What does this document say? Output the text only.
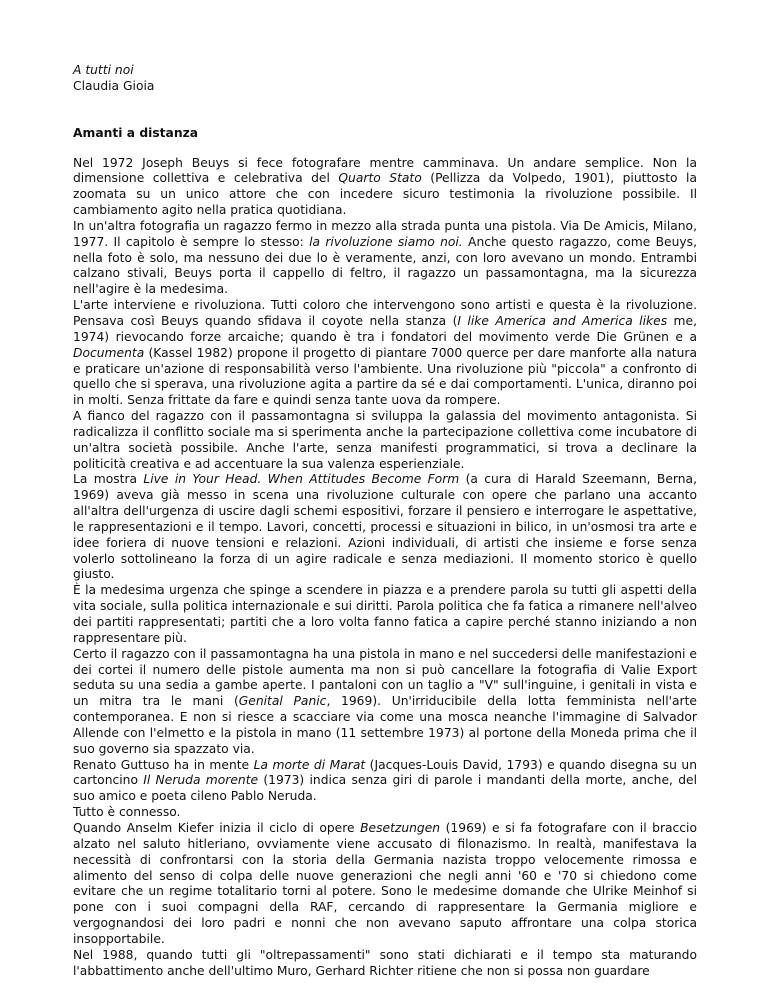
A tutti noi
Claudia Gioia
Amanti a distanza

Nel 1972 Joseph Beuys si fece fotografare mentre camminava. Un andare semplice. Non la dimensione collettiva e celebrativa del Quarto Stato (Pellizza da Volpedo, 1901), piuttosto la zoomata su un unico attore che con incedere sicuro testimonia la rivoluzione possibile. Il cambiamento agito nella pratica quotidiana.

In un'altra fotografia un ragazzo fermo in mezzo alla strada punta una pistola. Via De Amicis, Milano, 1977. Il capitolo è sempre lo stesso: la rivoluzione siamo noi. Anche questo ragazzo, come Beuys, nella foto è solo, ma nessuno dei due lo è veramente, anzi, con loro avevano un mondo. Entrambi calzano stivali, Beuys porta il cappello di feltro, il ragazzo un passamontagna, ma la sicurezza nell'agire è la medesima.

L'arte interviene e rivoluziona. Tutti coloro che intervengono sono artisti e questa è la rivoluzione. Pensava così Beuys quando sfidava il coyote nella stanza (I like America and America likes me, 1974) rievocando forze arcaiche; quando è tra i fondatori del movimento verde Die Grünen e a Documenta (Kassel 1982) propone il progetto di piantare 7000 querce per dare manforte alla natura e praticare un'azione di responsabilità verso l'ambiente. Una rivoluzione più "piccola" a confronto di quello che si sperava, una rivoluzione agita a partire da sé e dai comportamenti. L'unica, diranno poi in molti. Senza frittate da fare e quindi senza tante uova da rompere.

A fianco del ragazzo con il passamontagna si sviluppa la galassia del movimento antagonista. Si radicalizza il conflitto sociale ma si sperimenta anche la partecipazione collettiva come incubatore di un'altra società possibile. Anche l'arte, senza manifesti programmatici, si trova a declinare la politicità creativa e ad accentuare la sua valenza esperienziale.

La mostra Live in Your Head. When Attitudes Become Form (a cura di Harald Szeemann, Berna, 1969) aveva già messo in scena una rivoluzione culturale con opere che parlano una accanto all'altra dell'urgenza di uscire dagli schemi espositivi, forzare il pensiero e interrogare le aspettative, le rappresentazioni e il tempo. Lavori, concetti, processi e situazioni in bilico, in un'osmosi tra arte e idee foriera di nuove tensioni e relazioni. Azioni individuali, di artisti che insieme e forse senza volerlo sottolineano la forza di un agire radicale e senza mediazioni. Il momento storico è quello giusto.

È la medesima urgenza che spinge a scendere in piazza e a prendere parola su tutti gli aspetti della vita sociale, sulla politica internazionale e sui diritti. Parola politica che fa fatica a rimanere nell'alveo dei partiti rappresentati; partiti che a loro volta fanno fatica a capire perché stanno iniziando a non rappresentare più.

Certo il ragazzo con il passamontagna ha una pistola in mano e nel succedersi delle manifestazioni e dei cortei il numero delle pistole aumenta ma non si può cancellare la fotografia di Valie Export seduta su una sedia a gambe aperte. I pantaloni con un taglio a "V" sull'inguine, i genitali in vista e un mitra tra le mani (Genital Panic, 1969). Un'irriducibile della lotta femminista nell'arte contemporanea. E non si riesce a scacciare via come una mosca neanche l'immagine di Salvador Allende con l'elmetto e la pistola in mano (11 settembre 1973) al portone della Moneda prima che il suo governo sia spazzato via.

Renato Guttuso ha in mente La morte di Marat (Jacques-Louis David, 1793) e quando disegna su un cartoncino Il Neruda morente (1973) indica senza giri di parole i mandanti della morte, anche, del suo amico e poeta cileno Pablo Neruda.

Tutto è connesso.

Quando Anselm Kiefer inizia il ciclo di opere Besetzungen (1969) e si fa fotografare con il braccio alzato nel saluto hitleriano, ovviamente viene accusato di filonazismo. In realtà, manifestava la necessità di confrontarsi con la storia della Germania nazista troppo velocemente rimossa e alimento del senso di colpa delle nuove generazioni che negli anni '60 e '70 si chiedono come evitare che un regime totalitario torni al potere. Sono le medesime domande che Ulrike Meinhof si pone con i suoi compagni della RAF, cercando di rappresentare la Germania migliore e vergognandosi dei loro padri e nonni che non avevano saputo affrontare una colpa storica insopportabile.

Nel 1988, quando tutti gli "oltrepassamenti" sono stati dichiarati e il tempo sta maturando l'abbattimento anche dell'ultimo Muro, Gerhard Richter ritiene che non si possa non guardare
